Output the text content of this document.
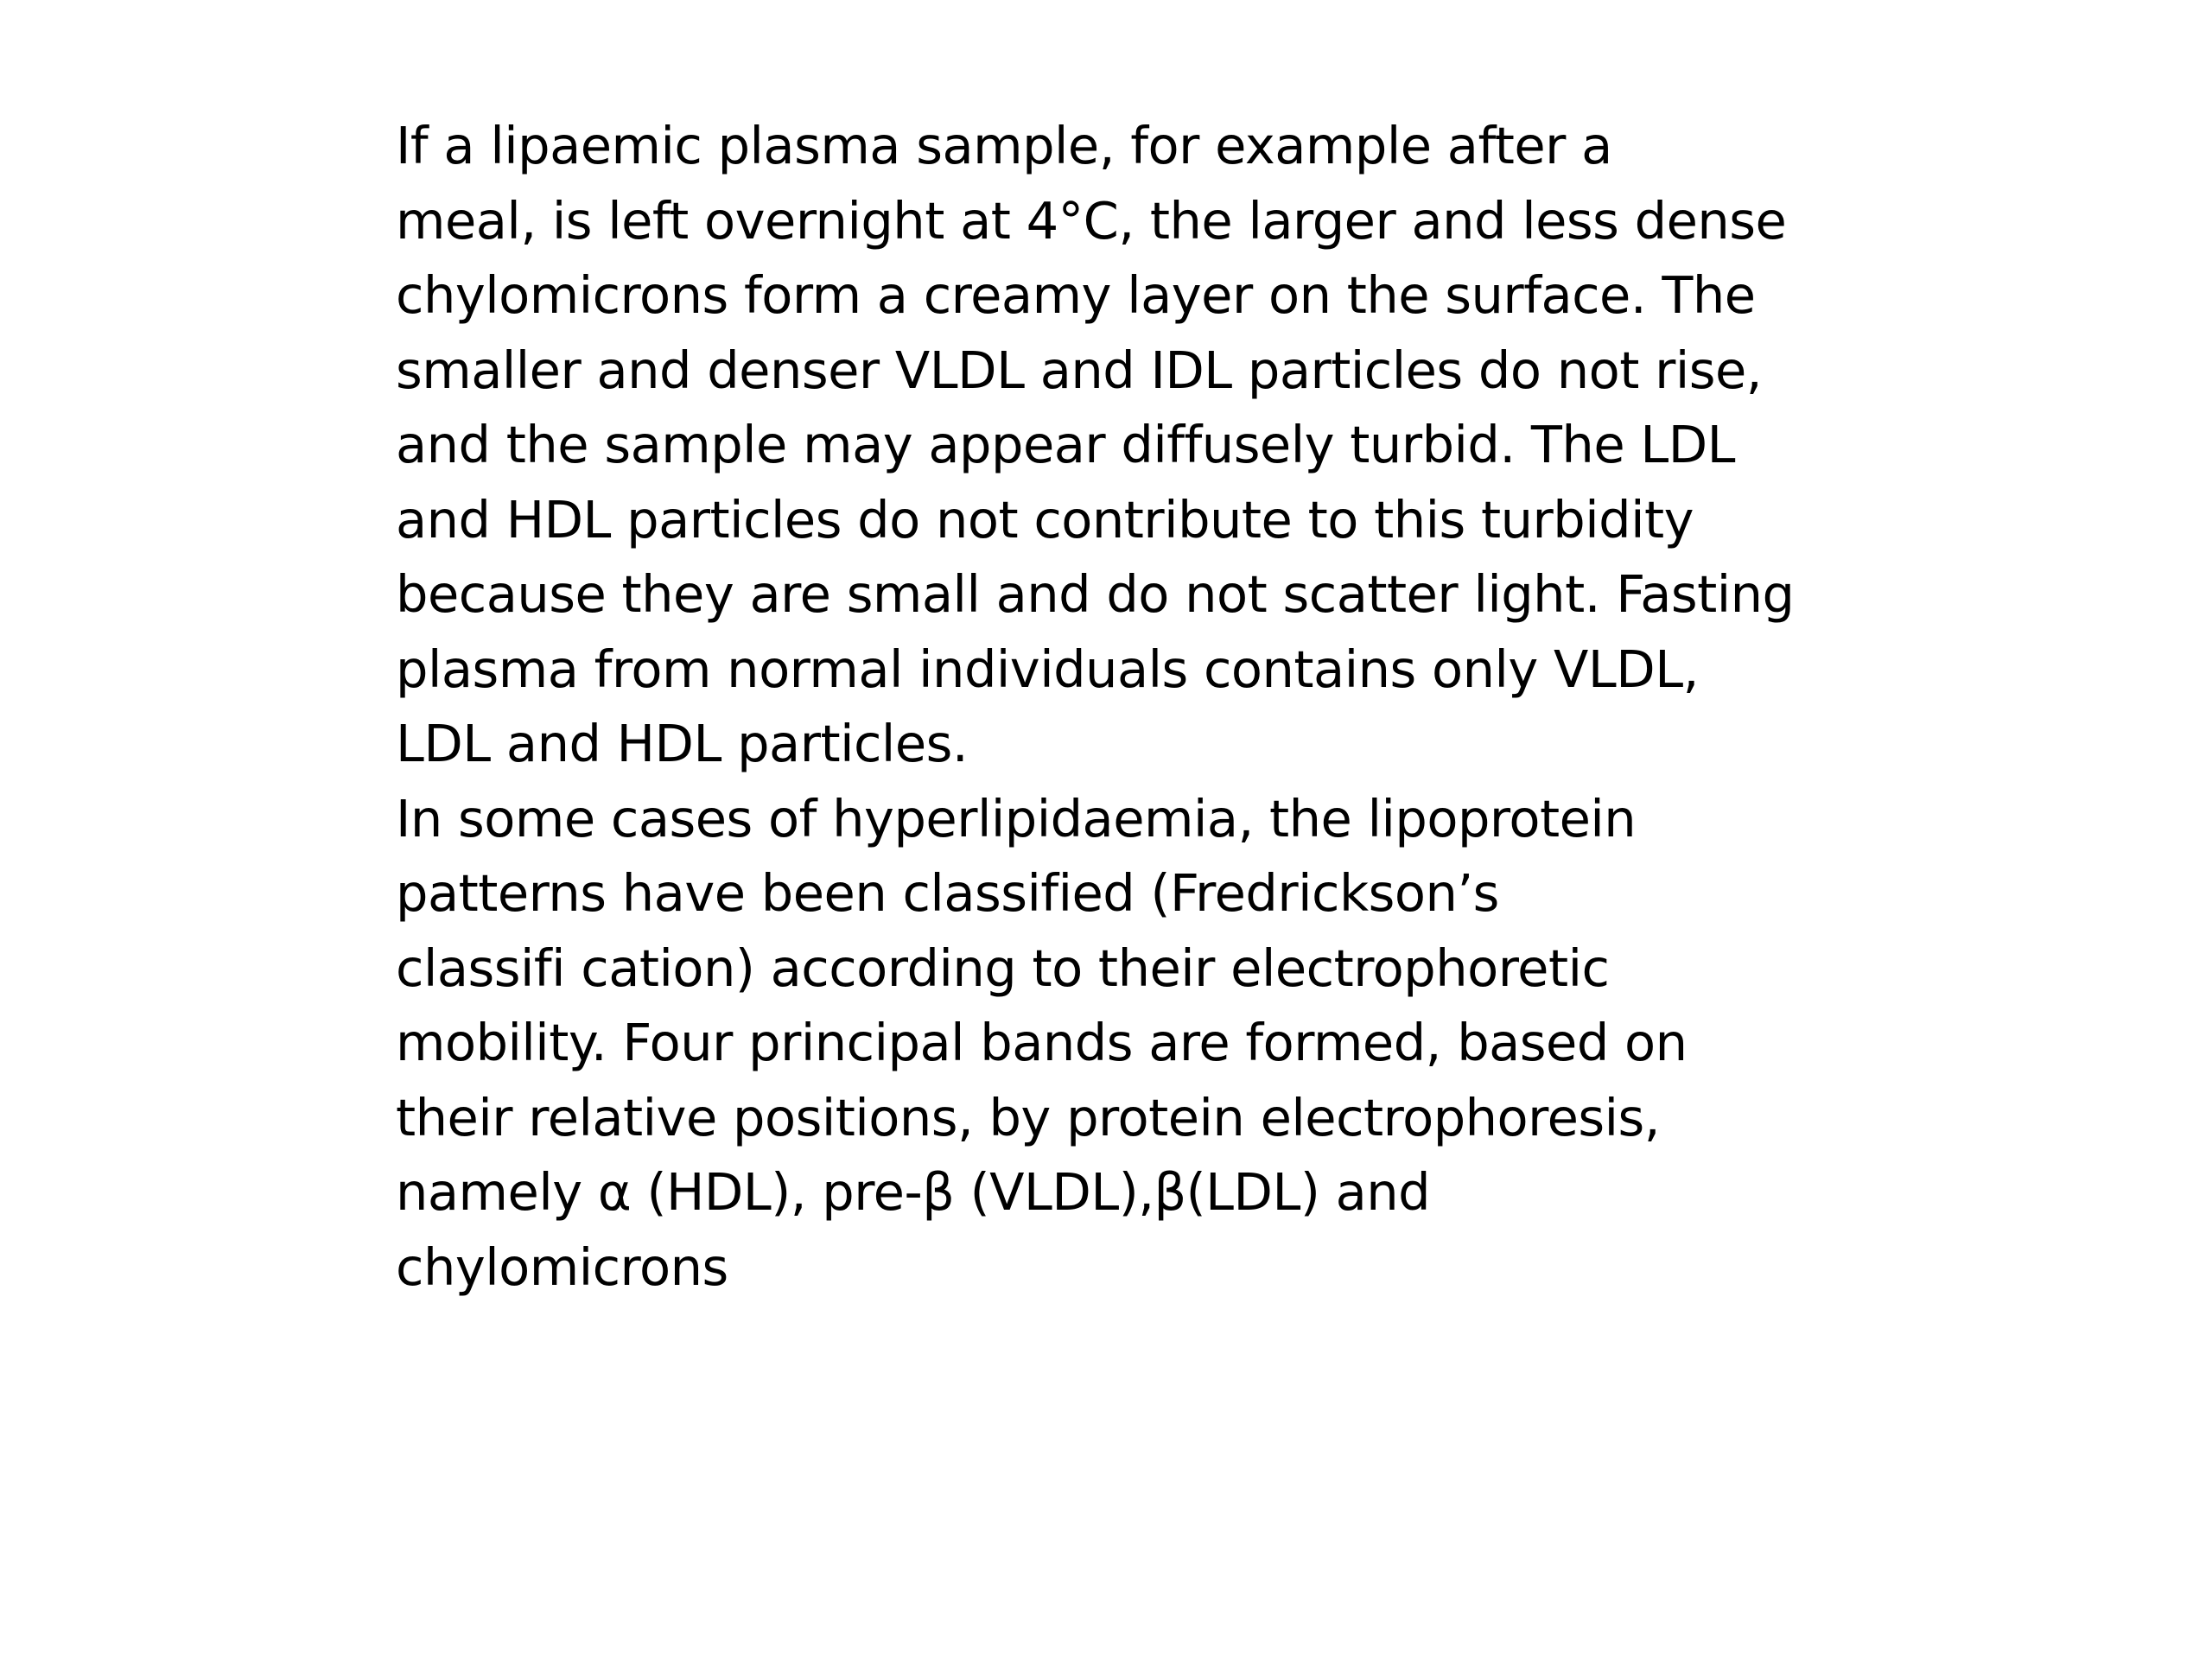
If a lipaemic plasma sample, for example after a
meal, is left overnight at 4°C, the larger and less dense
chylomicrons form a creamy layer on the surface. The
smaller and denser VLDL and IDL particles do not rise,
and the sample may appear diffusely turbid. The LDL
and HDL particles do not contribute to this turbidity
because they are small and do not scatter light. Fasting
plasma from normal individuals contains only VLDL,
LDL and HDL particles.
In some cases of hyperlipidaemia, the lipoprotein
patterns have been classified (Fredrickson’s
classifi cation) according to their electrophoretic
mobility. Four principal bands are formed, based on
their relative positions, by protein electrophoresis,
namely α (HDL), pre-β (VLDL),β(LDL) and
chylomicrons
